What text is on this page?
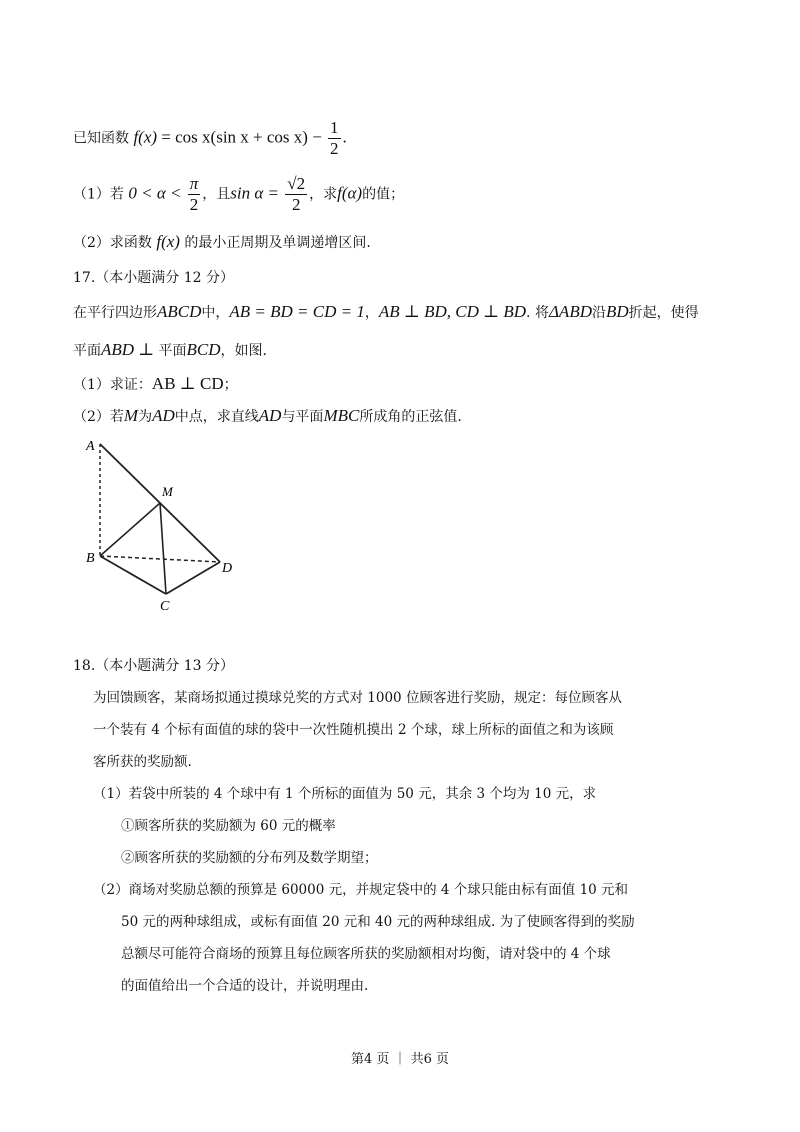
已知函数 f(x) = cos x(sin $x + \cos x) - \frac{1}{2}$ .
（1）若 $0 < \alpha < \frac{\pi}{2}$ ，且$\sin \alpha = \frac{√2}{2}$ ，求f(α)的值；
（2）求函数 f(x) 的最小正周期及单调递增区间.
17.（本小题满分 12 分）
在平行四边形ABCD中，AB = BD = CD = 1，AB ⊥ BD, CD ⊥ BD. 将ΔABD沿BD折起，使得
平面ABD ⊥ 平面BCD，如图.
（1）求证：AB ⊥ CD；
（2）若M为AD中点，求直线AD与平面MBC所成角的正弦值.
A
M
B
C
D
18.（本小题满分 13 分）
为回馈顾客，某商场拟通过摸球兑奖的方式对 1000 位顾客进行奖励，规定：每位顾客从
一个装有 4 个标有面值的球的袋中一次性随机摸出 2 个球，球上所标的面值之和为该顾
客所获的奖励额.
（1）若袋中所装的 4 个球中有 1 个所标的面值为 50 元，其余 3 个均为 10 元，求
①顾客所获的奖励额为 60 元的概率
②顾客所获的奖励额的分布列及数学期望；
（2）商场对奖励总额的预算是 60000 元，并规定袋中的 4 个球只能由标有面值 10 元和
50 元的两种球组成，或标有面值 20 元和 40 元的两种球组成. 为了使顾客得到的奖励
总额尽可能符合商场的预算且每位顾客所获的奖励额相对均衡，请对袋中的 4 个球
的面值给出一个合适的设计，并说明理由.
第4 页 ｜ 共6 页
